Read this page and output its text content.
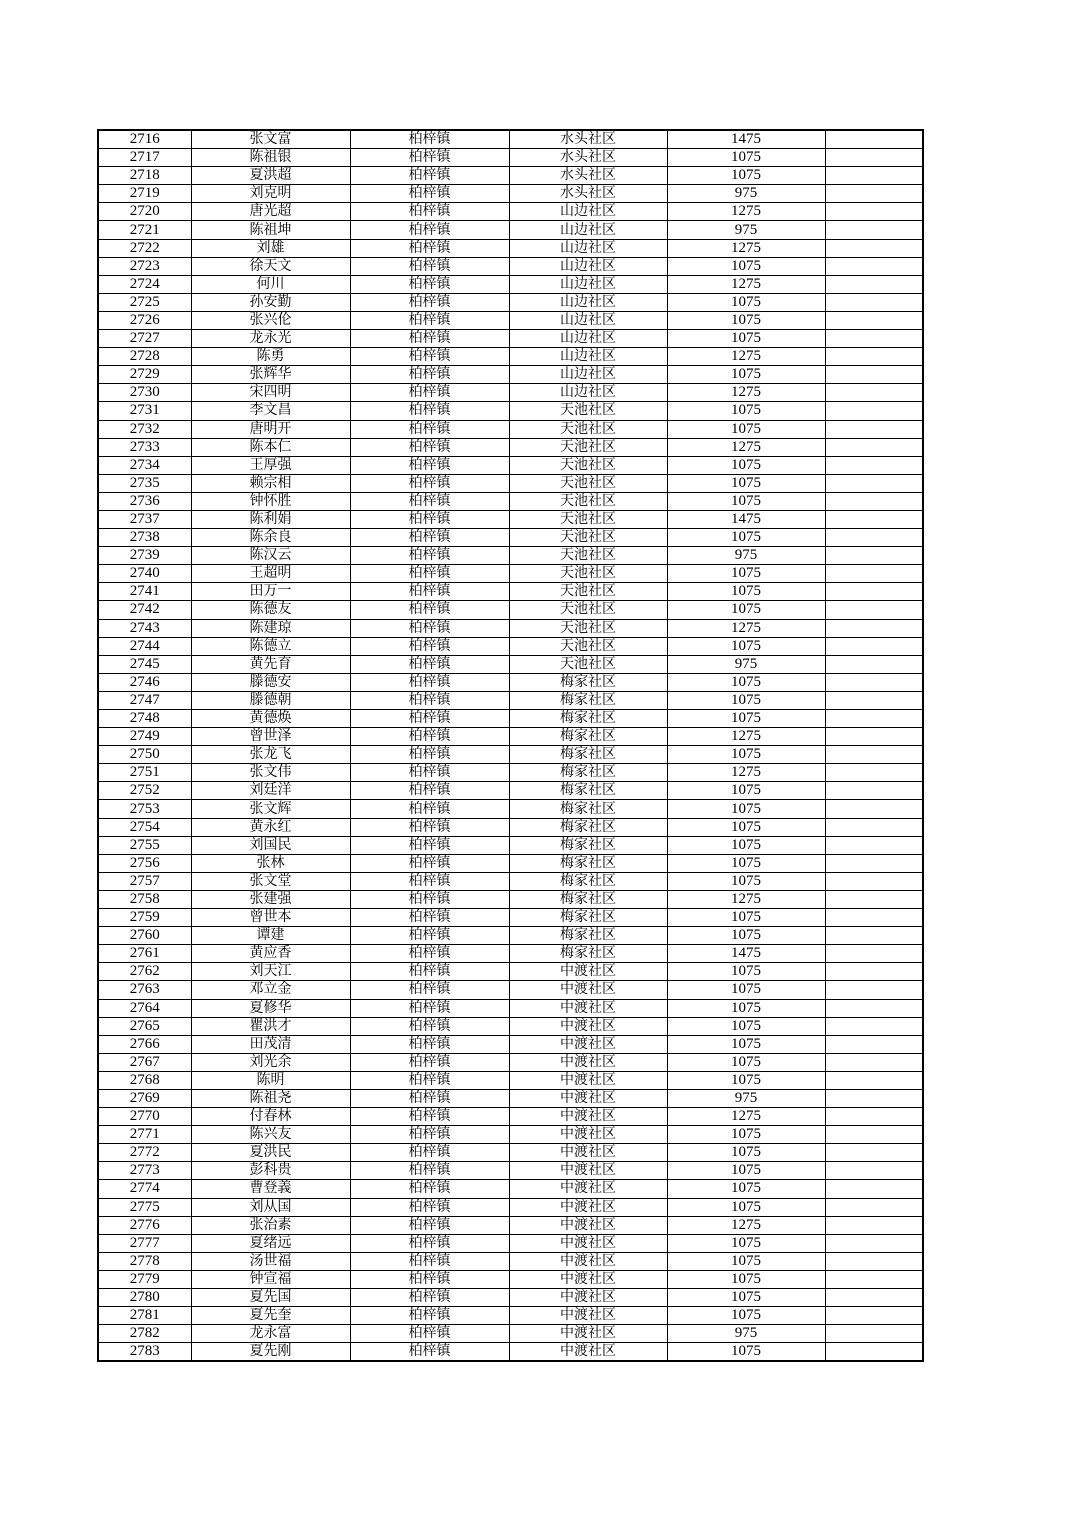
2716	张文富	柏梓镇	水头社区	1475	
2717	陈祖银	柏梓镇	水头社区	1075	
2718	夏洪超	柏梓镇	水头社区	1075	
2719	刘克明	柏梓镇	水头社区	975	
2720	唐光超	柏梓镇	山边社区	1275	
2721	陈祖坤	柏梓镇	山边社区	975	
2722	刘雄	柏梓镇	山边社区	1275	
2723	徐天文	柏梓镇	山边社区	1075	
2724	何川	柏梓镇	山边社区	1275	
2725	孙安勤	柏梓镇	山边社区	1075	
2726	张兴伦	柏梓镇	山边社区	1075	
2727	龙永光	柏梓镇	山边社区	1075	
2728	陈勇	柏梓镇	山边社区	1275	
2729	张辉华	柏梓镇	山边社区	1075	
2730	宋四明	柏梓镇	山边社区	1275	
2731	李文昌	柏梓镇	天池社区	1075	
2732	唐明开	柏梓镇	天池社区	1075	
2733	陈本仁	柏梓镇	天池社区	1275	
2734	王厚强	柏梓镇	天池社区	1075	
2735	赖宗相	柏梓镇	天池社区	1075	
2736	钟怀胜	柏梓镇	天池社区	1075	
2737	陈利娟	柏梓镇	天池社区	1475	
2738	陈余良	柏梓镇	天池社区	1075	
2739	陈汉云	柏梓镇	天池社区	975	
2740	王超明	柏梓镇	天池社区	1075	
2741	田万一	柏梓镇	天池社区	1075	
2742	陈德友	柏梓镇	天池社区	1075	
2743	陈建琼	柏梓镇	天池社区	1275	
2744	陈德立	柏梓镇	天池社区	1075	
2745	黄先育	柏梓镇	天池社区	975	
2746	滕德安	柏梓镇	梅家社区	1075	
2747	滕德朝	柏梓镇	梅家社区	1075	
2748	黄德焕	柏梓镇	梅家社区	1075	
2749	曾世泽	柏梓镇	梅家社区	1275	
2750	张龙飞	柏梓镇	梅家社区	1075	
2751	张文伟	柏梓镇	梅家社区	1275	
2752	刘廷洋	柏梓镇	梅家社区	1075	
2753	张文辉	柏梓镇	梅家社区	1075	
2754	黄永红	柏梓镇	梅家社区	1075	
2755	刘国民	柏梓镇	梅家社区	1075	
2756	张林	柏梓镇	梅家社区	1075	
2757	张文堂	柏梓镇	梅家社区	1075	
2758	张建强	柏梓镇	梅家社区	1275	
2759	曾世本	柏梓镇	梅家社区	1075	
2760	谭建	柏梓镇	梅家社区	1075	
2761	黄应香	柏梓镇	梅家社区	1475	
2762	刘天江	柏梓镇	中渡社区	1075	
2763	邓立金	柏梓镇	中渡社区	1075	
2764	夏修华	柏梓镇	中渡社区	1075	
2765	瞿洪才	柏梓镇	中渡社区	1075	
2766	田茂清	柏梓镇	中渡社区	1075	
2767	刘光余	柏梓镇	中渡社区	1075	
2768	陈明	柏梓镇	中渡社区	1075	
2769	陈祖尧	柏梓镇	中渡社区	975	
2770	付春林	柏梓镇	中渡社区	1275	
2771	陈兴友	柏梓镇	中渡社区	1075	
2772	夏洪民	柏梓镇	中渡社区	1075	
2773	彭科贵	柏梓镇	中渡社区	1075	
2774	曹登義	柏梓镇	中渡社区	1075	
2775	刘从国	柏梓镇	中渡社区	1075	
2776	张治素	柏梓镇	中渡社区	1275	
2777	夏绪远	柏梓镇	中渡社区	1075	
2778	汤世福	柏梓镇	中渡社区	1075	
2779	钟宣福	柏梓镇	中渡社区	1075	
2780	夏先国	柏梓镇	中渡社区	1075	
2781	夏先奎	柏梓镇	中渡社区	1075	
2782	龙永富	柏梓镇	中渡社区	975	
2783	夏先刚	柏梓镇	中渡社区	1075	
